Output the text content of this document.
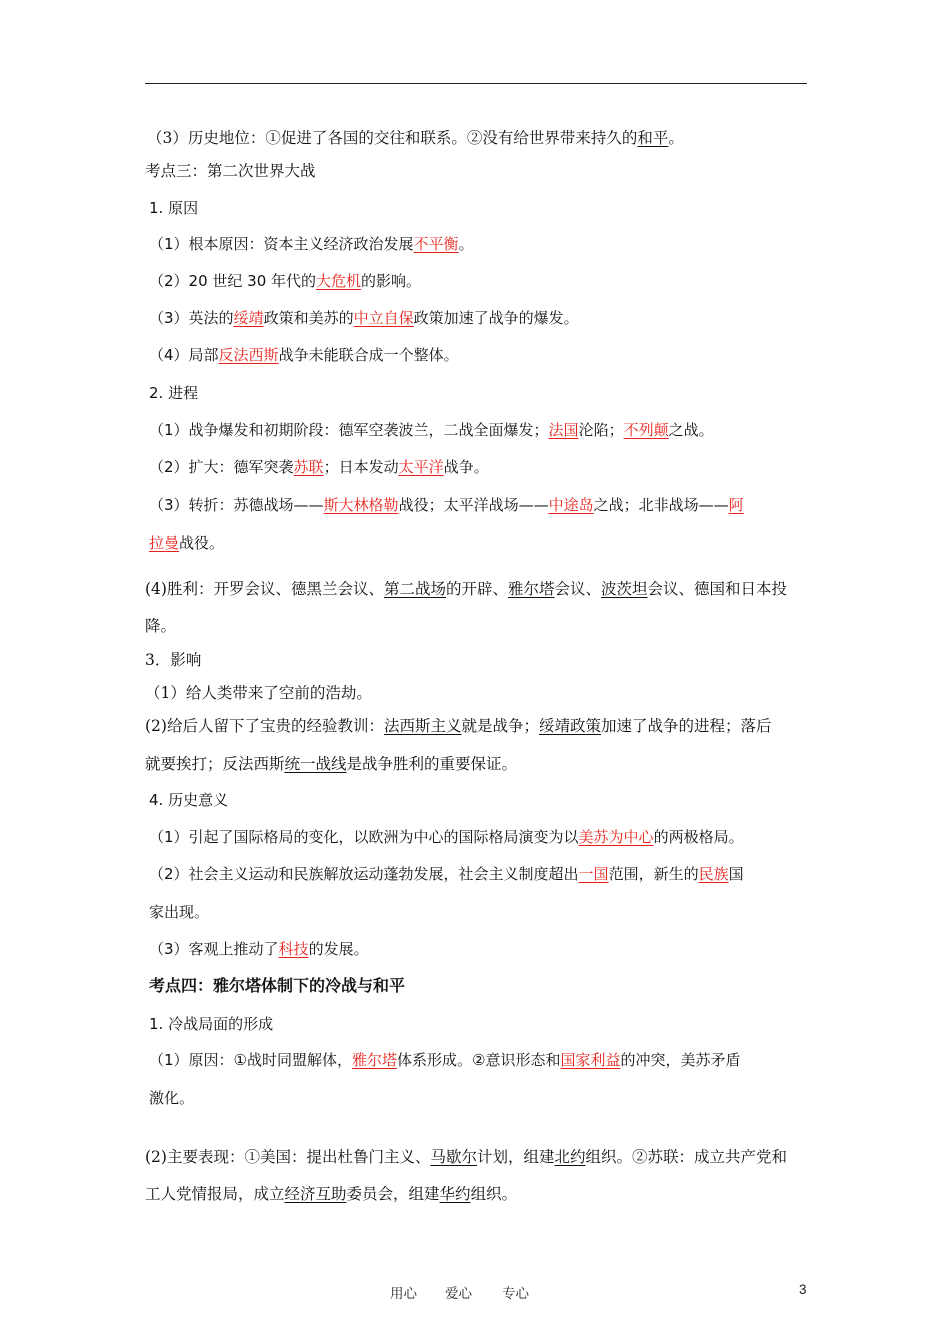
（3）历史地位：①促进了各国的交往和联系。②没有给世界带来持久的和平。
考点三：第二次世界大战
1. 原因
（1）根本原因：资本主义经济政治发展不平衡。
（2）20 世纪 30 年代的大危机的影响。
（3）英法的绥靖政策和美苏的中立自保政策加速了战争的爆发。
（4）局部反法西斯战争未能联合成一个整体。
2. 进程
（1）战争爆发和初期阶段：德军空袭波兰，二战全面爆发；法国沦陷；不列颠之战。
（2）扩大：德军突袭苏联；日本发动太平洋战争。
（3）转折：苏德战场——斯大林格勒战役；太平洋战场——中途岛之战；北非战场——阿
拉曼战役。
(4)胜利：开罗会议、德黑兰会议、第二战场的开辟、雅尔塔会议、波茨坦会议、德国和日本投
降。
3．影响
（1）给人类带来了空前的浩劫。
(2)给后人留下了宝贵的经验教训：法西斯主义就是战争；绥靖政策加速了战争的进程；落后
就要挨打；反法西斯统一战线是战争胜利的重要保证。
4. 历史意义
（1）引起了国际格局的变化，以欧洲为中心的国际格局演变为以美苏为中心的两极格局。
（2）社会主义运动和民族解放运动蓬勃发展，社会主义制度超出一国范围，新生的民族国
家出现。
（3）客观上推动了科技的发展。
考点四：雅尔塔体制下的冷战与和平
1. 冷战局面的形成
（1）原因：①战时同盟解体，雅尔塔体系形成。②意识形态和国家利益的冲突，美苏矛盾
激化。
(2)主要表现：①美国：提出杜鲁门主义、马歇尔计划，组建北约组织。②苏联：成立共产党和
工人党情报局，成立经济互助委员会，组建华约组织。
用心 爱心 专心	3
